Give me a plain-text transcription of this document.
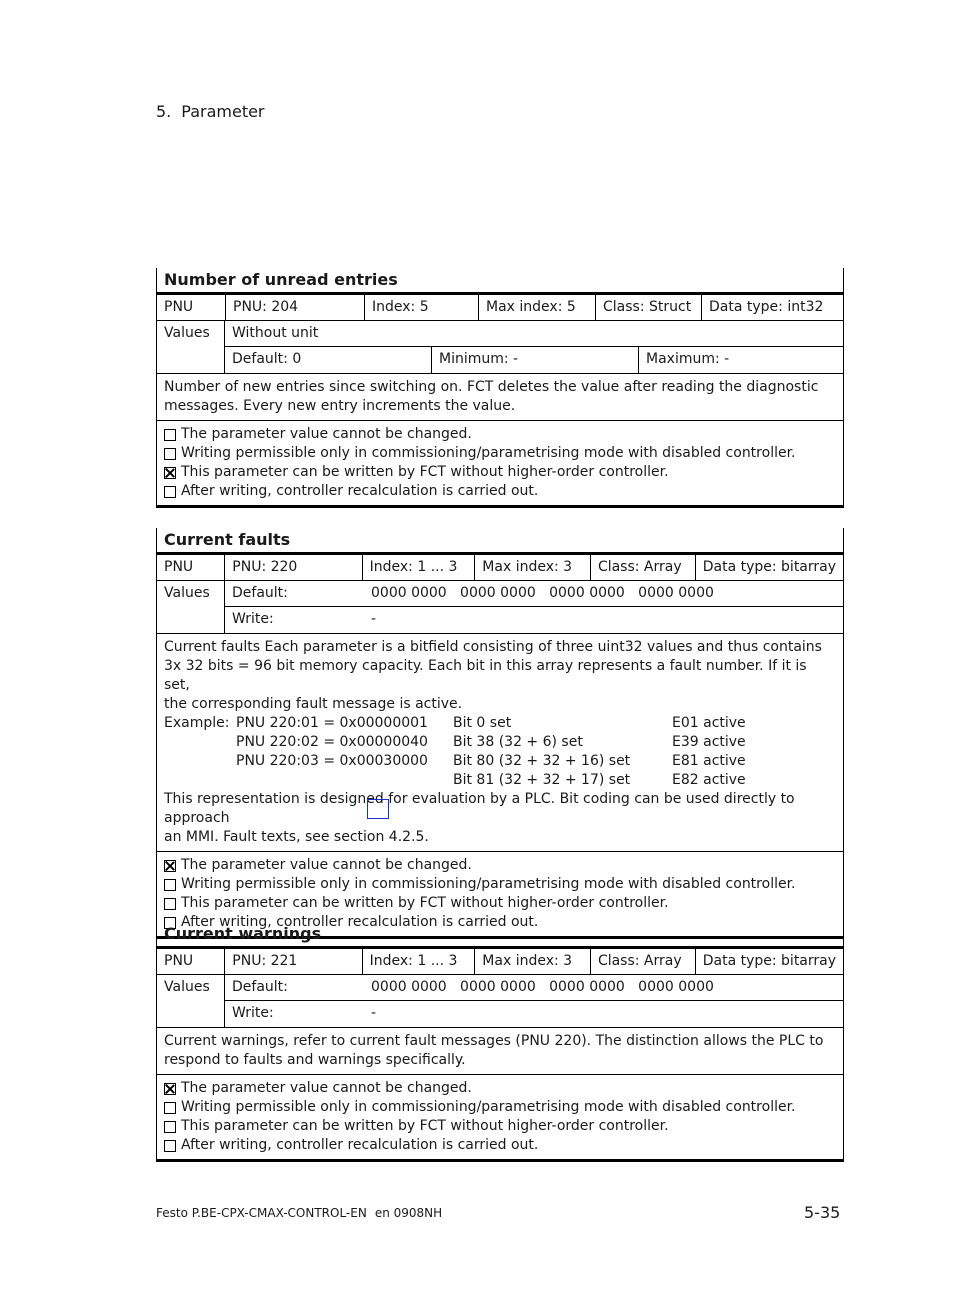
5. Parameter
Number of unread entries
PNU	PNU: 204	Index: 5	Max index: 5	Class: Struct	Data type: int32
Values	Without unit
Default: 0	Minimum: -	Maximum: -
Number of new entries since switching on. FCT deletes the value after reading the diagnostic
messages. Every new entry increments the value.
The parameter value cannot be changed.
Writing permissible only in commissioning/parametrising mode with disabled controller.
This parameter can be written by FCT without higher-order controller.
After writing, controller recalculation is carried out.
Current faults
PNU	PNU: 220	Index: 1 ... 3	Max index: 3	Class: Array	Data type: bitarray
Values	Default:	0000 0000   0000 0000   0000 0000   0000 0000
Write:	-
Current faults Each parameter is a bitfield consisting of three uint32 values and thus contains
3x 32 bits = 96 bit memory capacity. Each bit in this array represents a fault number. If it is set,
the corresponding fault message is active.
Example: PNU 220:01 = 0x00000001	Bit 0 set	E01 active
PNU 220:02 = 0x00000040	Bit 38 (32 + 6) set	E39 active
PNU 220:03 = 0x00030000	Bit 80 (32 + 32 + 16) set	E81 active
Bit 81 (32 + 32 + 17) set	E82 active
This representation is designed for evaluation by a PLC. Bit coding can be used directly to approach
an MMI. Fault texts, see section 4.2.5.
The parameter value cannot be changed.
Writing permissible only in commissioning/parametrising mode with disabled controller.
This parameter can be written by FCT without higher-order controller.
After writing, controller recalculation is carried out.
Current warnings
PNU	PNU: 221	Index: 1 ... 3	Max index: 3	Class: Array	Data type: bitarray
Values	Default:	0000 0000   0000 0000   0000 0000   0000 0000
Write:	-
Current warnings, refer to current fault messages (PNU 220). The distinction allows the PLC to
respond to faults and warnings specifically.
The parameter value cannot be changed.
Writing permissible only in commissioning/parametrising mode with disabled controller.
This parameter can be written by FCT without higher-order controller.
After writing, controller recalculation is carried out.
Festo P.BE-CPX-CMAX-CONTROL-EN en 0908NH	5-35
